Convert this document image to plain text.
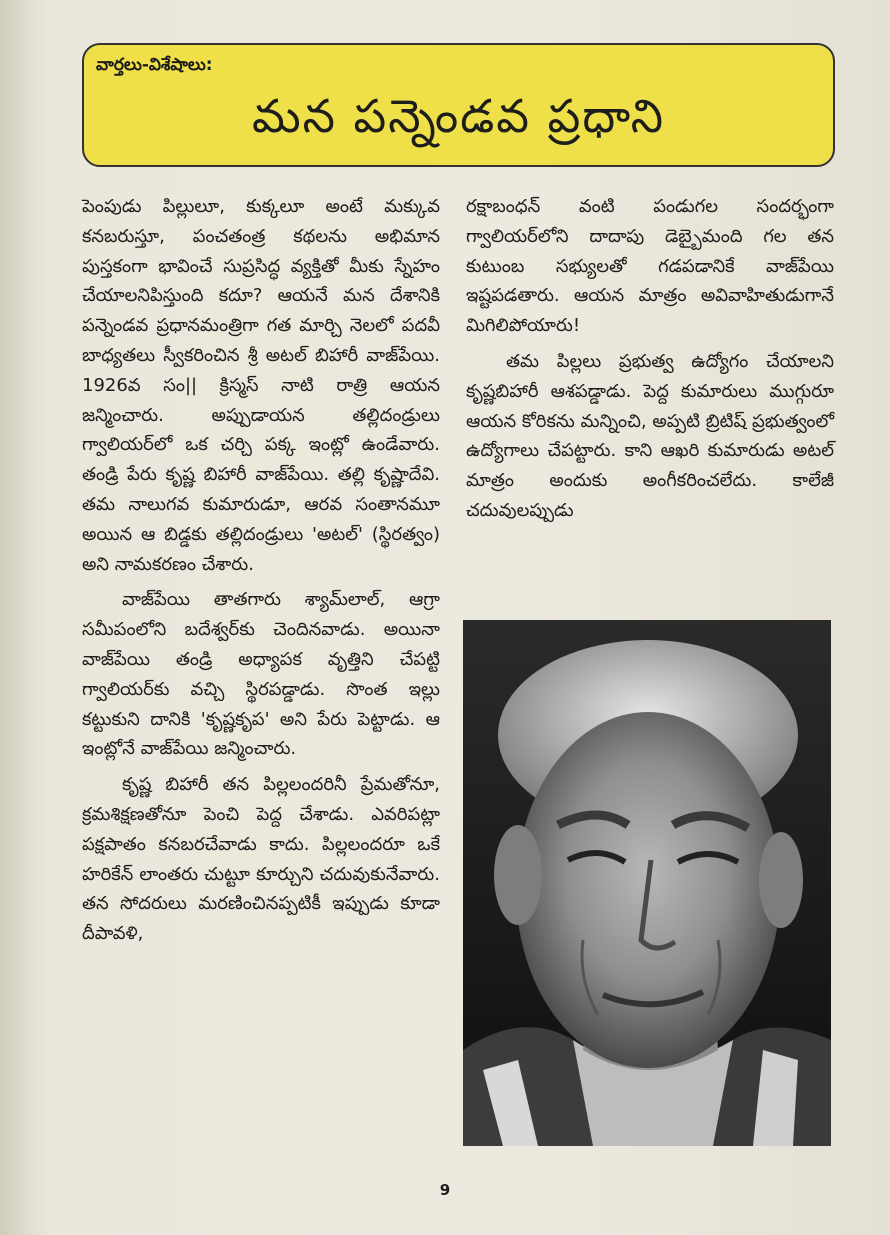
వార్తలు-విశేషాలు:
మన పన్నెండవ ప్రధాని

పెంపుడు పిల్లులూ, కుక్కలూ అంటే మక్కువ కనబరుస్తూ, పంచతంత్ర కథలను అభిమాన పుస్తకంగా భావించే సుప్రసిద్ధ వ్యక్తితో మీకు స్నేహం చేయాలనిపిస్తుంది కదూ? ఆయనే మన దేశానికి పన్నెండవ ప్రధానమంత్రిగా గత మార్చి నెలలో పదవీ బాధ్యతలు స్వీకరించిన శ్రీ అటల్ బిహారీ వాజ్‌పేయి. 1926వ సం|| క్రిస్మస్ నాటి రాత్రి ఆయన జన్మించారు. అప్పుడాయన తల్లిదండ్రులు గ్వాలియర్‌లో ఒక చర్చి పక్క ఇంట్లో ఉండేవారు. తండ్రి పేరు కృష్ణ బిహారీ వాజ్‌పేయి. తల్లి కృష్ణాదేవి. తమ నాలుగవ కుమారుడూ, ఆరవ సంతానమూ అయిన ఆ బిడ్డకు తల్లిదండ్రులు 'అటల్' (స్థిరత్వం) అని నామకరణం చేశారు.

వాజ్‌పేయి తాతగారు శ్యామ్‌లాల్, ఆగ్రా సమీపంలోని బదేశ్వర్‌కు చెందినవాడు. అయినా వాజ్‌పేయి తండ్రి అధ్యాపక వృత్తిని చేపట్టి గ్వాలియర్‌కు వచ్చి స్థిరపడ్డాడు. సొంత ఇల్లు కట్టుకుని దానికి 'కృష్ణకృప' అని పేరు పెట్టాడు. ఆ ఇంట్లోనే వాజ్‌పేయి జన్మించారు.

కృష్ణ బిహారీ తన పిల్లలందరినీ ప్రేమతోనూ, క్రమశిక్షణతోనూ పెంచి పెద్ద చేశాడు. ఎవరిపట్లా పక్షపాతం కనబరచేవాడు కాదు. పిల్లలందరూ ఒకే హరికేన్ లాంతరు చుట్టూ కూర్చుని చదువుకునేవారు. తన సోదరులు మరణించినప్పటికీ ఇప్పుడు కూడా దీపావళి,

రక్షాబంధన్ వంటి పండుగల సందర్భంగా గ్వాలియర్‌లోని దాదాపు డెబ్బైమంది గల తన కుటుంబ సభ్యులతో గడపడానికే వాజ్‌పేయి ఇష్టపడతారు. ఆయన మాత్రం అవివాహితుడుగానే మిగిలిపోయారు!

తమ పిల్లలు ప్రభుత్వ ఉద్యోగం చేయాలని కృష్ణబిహారీ ఆశపడ్డాడు. పెద్ద కుమారులు ముగ్గురూ ఆయన కోరికను మన్నించి, అప్పటి బ్రిటిష్ ప్రభుత్వంలో ఉద్యోగాలు చేపట్టారు. కాని ఆఖరి కుమారుడు అటల్ మాత్రం అందుకు అంగీకరించలేదు. కాలేజీ చదువులప్పుడు

9
